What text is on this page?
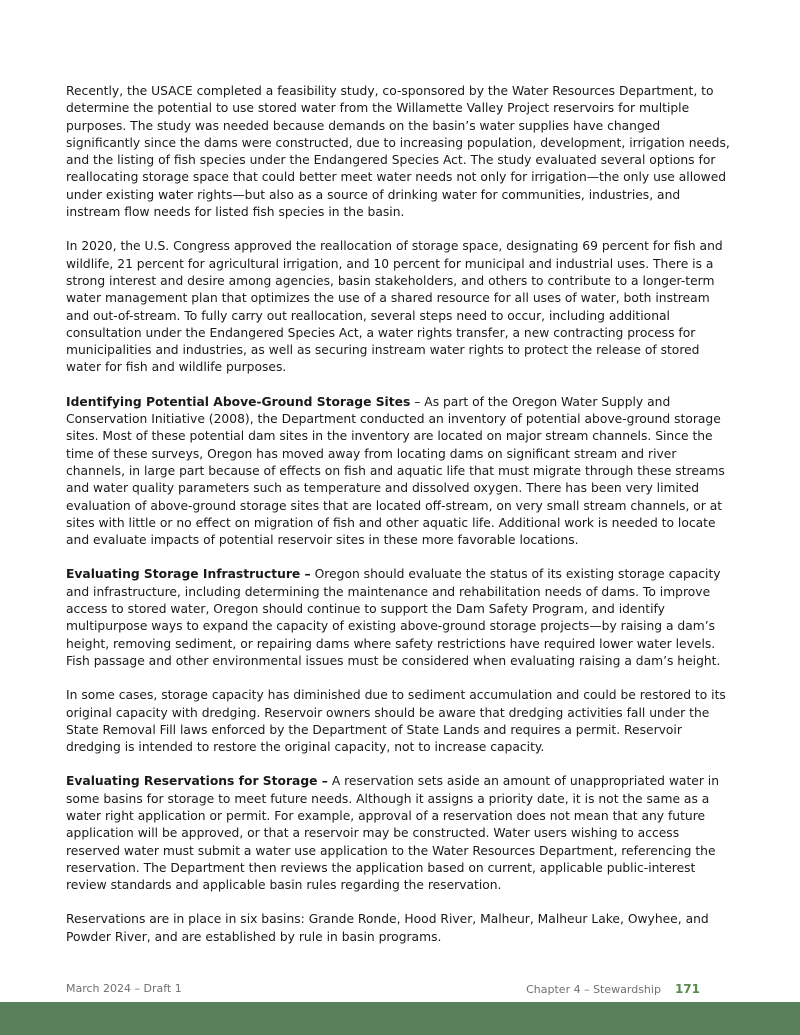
Recently, the USACE completed a feasibility study, co-sponsored by the Water Resources Department, to determine the potential to use stored water from the Willamette Valley Project reservoirs for multiple purposes. The study was needed because demands on the basin’s water supplies have changed significantly since the dams were constructed, due to increasing population, development, irrigation needs, and the listing of fish species under the Endangered Species Act. The study evaluated several options for reallocating storage space that could better meet water needs not only for irrigation—the only use allowed under existing water rights—but also as a source of drinking water for communities, industries, and instream flow needs for listed fish species in the basin.

In 2020, the U.S. Congress approved the reallocation of storage space, designating 69 percent for fish and wildlife, 21 percent for agricultural irrigation, and 10 percent for municipal and industrial uses. There is a strong interest and desire among agencies, basin stakeholders, and others to contribute to a longer-term water management plan that optimizes the use of a shared resource for all uses of water, both instream and out-of-stream. To fully carry out reallocation, several steps need to occur, including additional consultation under the Endangered Species Act, a water rights transfer, a new contracting process for municipalities and industries, as well as securing instream water rights to protect the release of stored water for fish and wildlife purposes.

Identifying Potential Above-Ground Storage Sites – As part of the Oregon Water Supply and Conservation Initiative (2008), the Department conducted an inventory of potential above-ground storage sites. Most of these potential dam sites in the inventory are located on major stream channels. Since the time of these surveys, Oregon has moved away from locating dams on significant stream and river channels, in large part because of effects on fish and aquatic life that must migrate through these streams and water quality parameters such as temperature and dissolved oxygen. There has been very limited evaluation of above-ground storage sites that are located off-stream, on very small stream channels, or at sites with little or no effect on migration of fish and other aquatic life. Additional work is needed to locate and evaluate impacts of potential reservoir sites in these more favorable locations.

Evaluating Storage Infrastructure – Oregon should evaluate the status of its existing storage capacity and infrastructure, including determining the maintenance and rehabilitation needs of dams. To improve access to stored water, Oregon should continue to support the Dam Safety Program, and identify multipurpose ways to expand the capacity of existing above-ground storage projects—by raising a dam’s height, removing sediment, or repairing dams where safety restrictions have required lower water levels. Fish passage and other environmental issues must be considered when evaluating raising a dam’s height.

In some cases, storage capacity has diminished due to sediment accumulation and could be restored to its original capacity with dredging. Reservoir owners should be aware that dredging activities fall under the State Removal Fill laws enforced by the Department of State Lands and requires a permit. Reservoir dredging is intended to restore the original capacity, not to increase capacity.

Evaluating Reservations for Storage – A reservation sets aside an amount of unappropriated water in some basins for storage to meet future needs. Although it assigns a priority date, it is not the same as a water right application or permit. For example, approval of a reservation does not mean that any future application will be approved, or that a reservoir may be constructed. Water users wishing to access reserved water must submit a water use application to the Water Resources Department, referencing the reservation. The Department then reviews the application based on current, applicable public-interest review standards and applicable basin rules regarding the reservation.

Reservations are in place in six basins: Grande Ronde, Hood River, Malheur, Malheur Lake, Owyhee, and Powder River, and are established by rule in basin programs.

March 2024 – Draft 1	Chapter 4 – Stewardship 171
